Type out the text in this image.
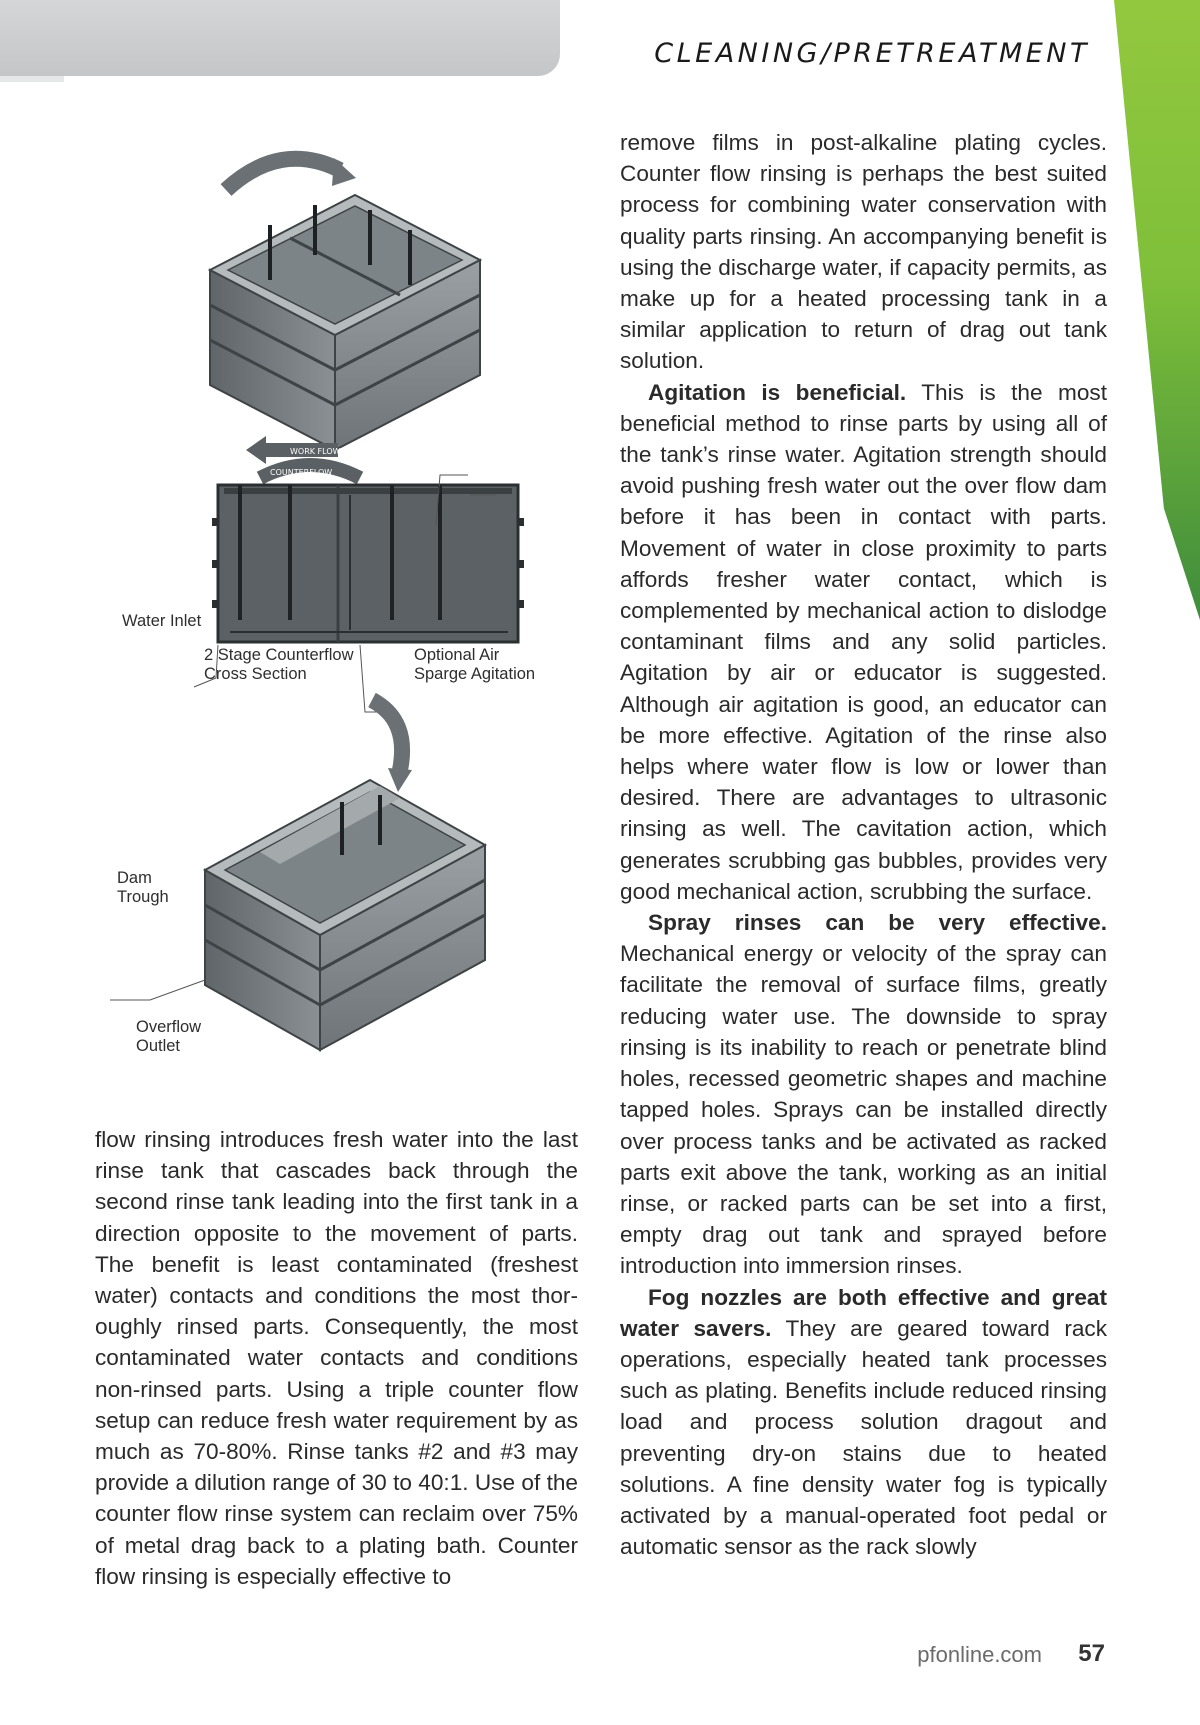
CLEANING/PRETREATMENT
WORK FLOW
COUNTERFLOW
Water Inlet
2 Stage Counterflow
Cross Section
Optional Air
Sparge Agitation
Dam
Trough
Overflow
Outlet

flow rinsing introduces fresh water into the last rinse tank that cascades back through the second rinse tank leading into the first tank in a direction opposite to the movement of parts. The benefit is least contaminated (freshest water) contacts and conditions the most thoroughly rinsed parts. Consequently, the most contaminated water contacts and conditions non-rinsed parts. Using a triple counter flow setup can reduce fresh water requirement by as much as 70-80%. Rinse tanks #2 and #3 may provide a dilution range of 30 to 40:1. Use of the counter flow rinse system can reclaim over 75% of metal drag back to a plating bath. Counter flow rinsing is especially effective to

remove films in post-alkaline plating cycles. Counter flow rinsing is perhaps the best suited process for combining water conservation with quality parts rinsing. An accompanying benefit is using the discharge water, if capacity permits, as make up for a heated processing tank in a similar application to return of drag out tank solution.

Agitation is beneficial. This is the most beneficial method to rinse parts by using all of the tank’s rinse water. Agitation strength should avoid pushing fresh water out the over flow dam before it has been in contact with parts. Movement of water in close proximity to parts affords fresher water contact, which is complemented by mechanical action to dislodge contaminant films and any solid particles. Agitation by air or educator is suggested. Although air agitation is good, an educator can be more effective. Agitation of the rinse also helps where water flow is low or lower than desired. There are advantages to ultrasonic rinsing as well. The cavitation action, which generates scrubbing gas bubbles, provides very good mechanical action, scrubbing the surface.

Spray rinses can be very effective. Mechanical energy or velocity of the spray can facilitate the removal of surface films, greatly reducing water use. The downside to spray rinsing is its inability to reach or penetrate blind holes, recessed geometric shapes and machine tapped holes. Sprays can be installed directly over process tanks and be activated as racked parts exit above the tank, working as an initial rinse, or racked parts can be set into a first, empty drag out tank and sprayed before introduction into immersion rinses.

Fog nozzles are both effective and great water savers. They are geared toward rack operations, especially heated tank processes such as plating. Benefits include reduced rinsing load and process solution dragout and preventing dry-on stains due to heated solutions. A fine density water fog is typically activated by a manual-operated foot pedal or automatic sensor as the rack slowly

pfonline.com 57
